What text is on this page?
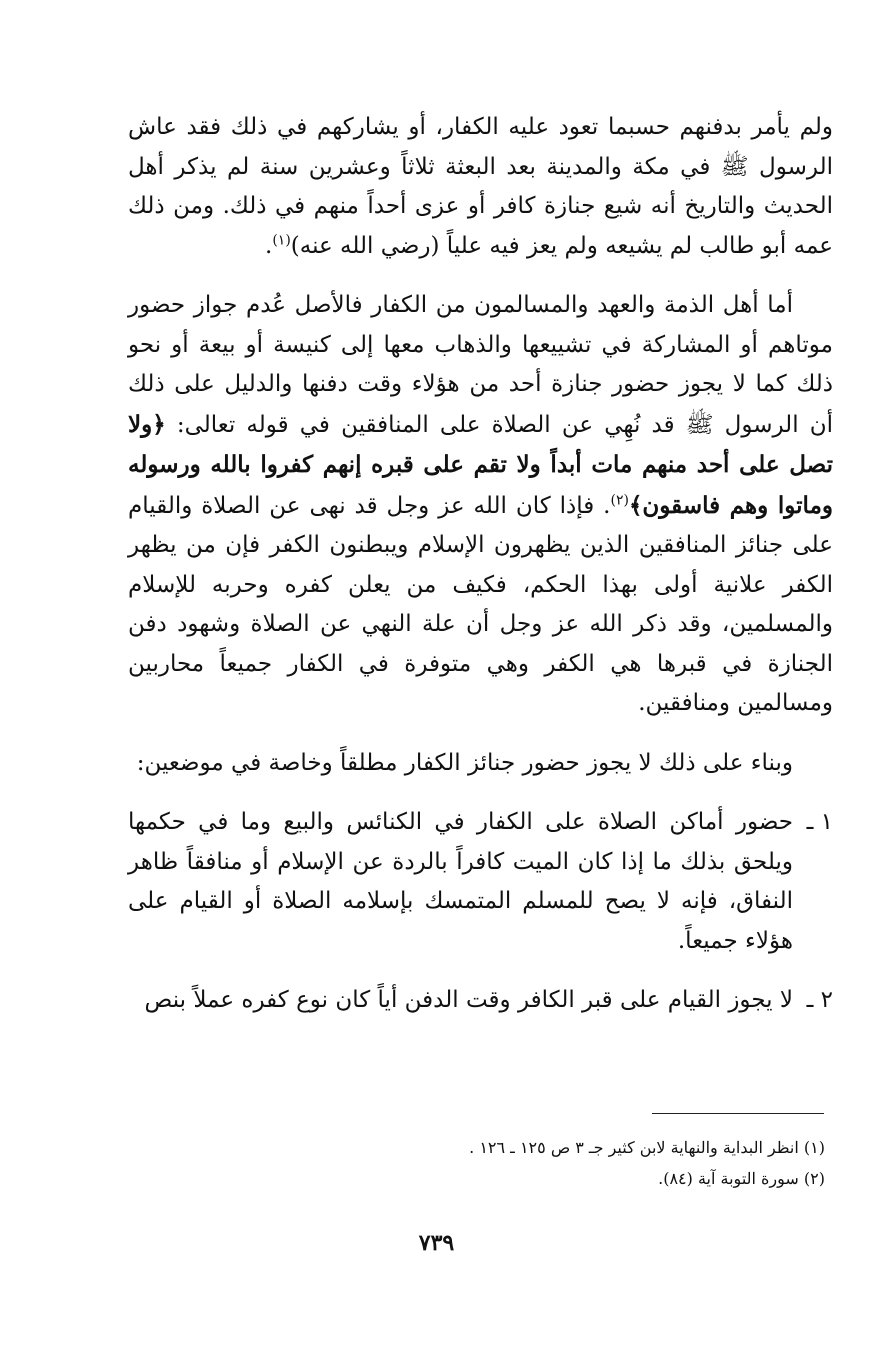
ولم يأمر بدفنهم حسبما تعود عليه الكفار، أو يشاركهم في ذلك فقد عاش الرسول ﷺ في مكة والمدينة بعد البعثة ثلاثاً وعشرين سنة لم يذكر أهل الحديث والتاريخ أنه شيع جنازة كافر أو عزى أحداً منهم في ذلك. ومن ذلك عمه أبو طالب لم يشيعه ولم يعز فيه علياً (رضي الله عنه)$^{(١)}$.

أما أهل الذمة والعهد والمسالمون من الكفار فالأصل عُدم جواز حضور موتاهم أو المشاركة في تشييعها والذهاب معها إلى كنيسة أو بيعة أو نحو ذلك كما لا يجوز حضور جنازة أحد من هؤلاء وقت دفنها والدليل على ذلك أن الرسول ﷺ قد نُهِي عن الصلاة على المنافقين في قوله تعالى: ﴿ولا تصل على أحد منهم مات أبداً ولا تقم على قبره إنهم كفروا بالله ورسوله وماتوا وهم فاسقون﴾$^{(٢)}$. فإذا كان الله عز وجل قد نهى عن الصلاة والقيام على جنائز المنافقين الذين يظهرون الإسلام ويبطنون الكفر فإن من يظهر الكفر علانية أولى بهذا الحكم، فكيف من يعلن كفره وحربه للإسلام والمسلمين، وقد ذكر الله عز وجل أن علة النهي عن الصلاة وشهود دفن الجنازة في قبرها هي الكفر وهي متوفرة في الكفار جميعاً محاربين ومسالمين ومنافقين.

وبناء على ذلك لا يجوز حضور جنائز الكفار مطلقاً وخاصة في موضعين:

١ ـ
حضور أماكن الصلاة على الكفار في الكنائس والبيع وما في حكمها ويلحق بذلك ما إذا كان الميت كافراً بالردة عن الإسلام أو منافقاً ظاهر النفاق، فإنه لا يصح للمسلم المتمسك بإسلامه الصلاة أو القيام على هؤلاء جميعاً.
٢ ـ
لا يجوز القيام على قبر الكافر وقت الدفن أياً كان نوع كفره عملاً بنص
(١) انظر البداية والنهاية لابن كثير جـ ٣ ص ١٢٥ ـ ١٢٦ .
(٢) سورة التوبة آية (٨٤).
٧٣٩
